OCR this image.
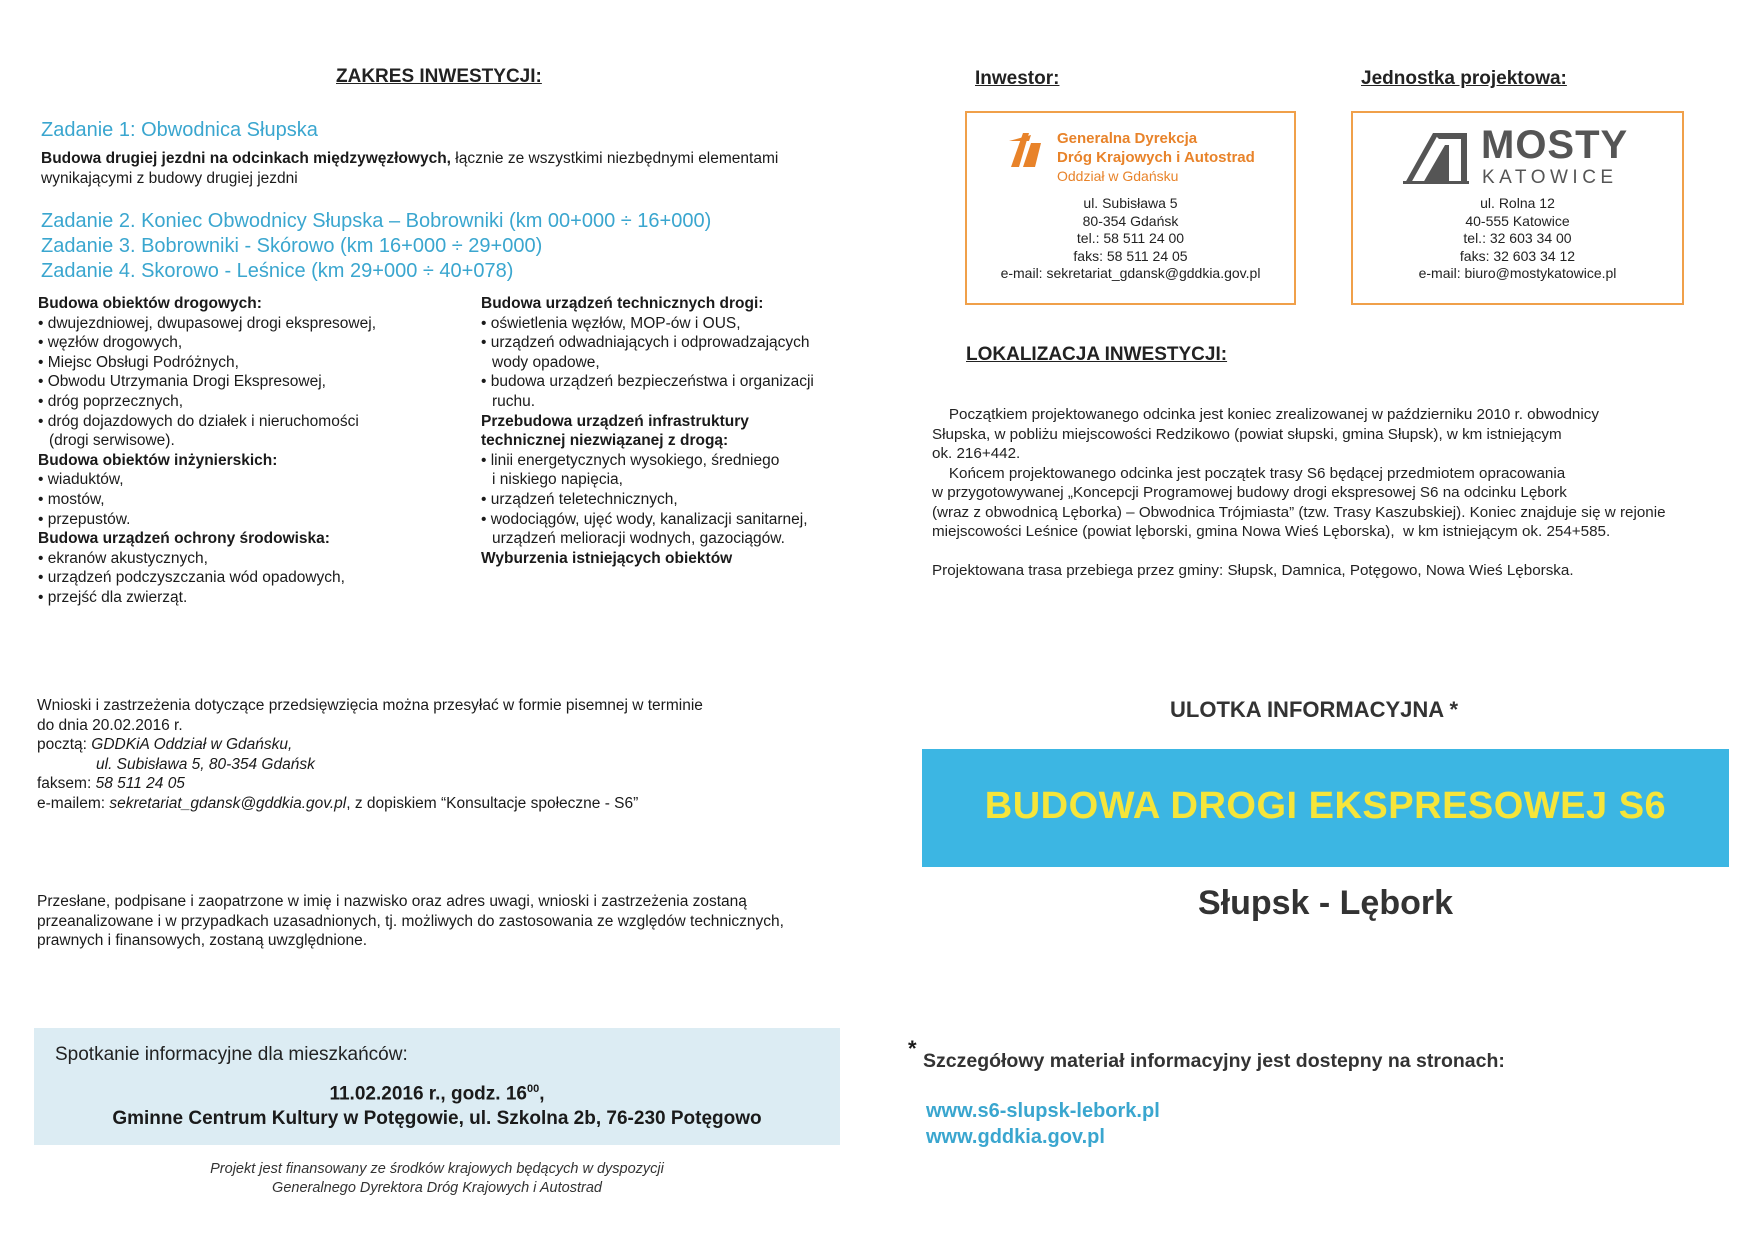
ZAKRES INWESTYCJI:
Zadanie 1: Obwodnica Słupska
Budowa drugiej jezdni na odcinkach międzywęzłowych, łącznie ze wszystkimi niezbędnymi elementami
wynikającymi z budowy drugiej jezdni
Zadanie 2. Koniec Obwodnicy Słupska – Bobrowniki (km 00+000 ÷ 16+000)
Zadanie 3. Bobrowniki - Skórowo (km 16+000 ÷ 29+000)
Zadanie 4. Skorowo - Leśnice (km 29+000 ÷ 40+078)
Budowa obiektów drogowych:
• dwujezdniowej, dwupasowej drogi ekspresowej,
• węzłów drogowych,
• Miejsc Obsługi Podróżnych,
• Obwodu Utrzymania Drogi Ekspresowej,
• dróg poprzecznych,
• dróg dojazdowych do działek i nieruchomości
(drogi serwisowe).
Budowa obiektów inżynierskich:
• wiaduktów,
• mostów,
• przepustów.
Budowa urządzeń ochrony środowiska:
• ekranów akustycznych,
• urządzeń podczyszczania wód opadowych,
• przejść dla zwierząt.
Budowa urządzeń technicznych drogi:
• oświetlenia węzłów, MOP-ów i OUS,
• urządzeń odwadniających i odprowadzających
wody opadowe,
• budowa urządzeń bezpieczeństwa i organizacji
ruchu.
Przebudowa urządzeń infrastruktury
technicznej niezwiązanej z drogą:
• linii energetycznych wysokiego, średniego
i niskiego napięcia,
• urządzeń teletechnicznych,
• wodociągów, ujęć wody, kanalizacji sanitarnej,
urządzeń melioracji wodnych, gazociągów.
Wyburzenia istniejących obiektów
Wnioski i zastrzeżenia dotyczące przedsięwzięcia można przesyłać w formie pisemnej w terminie
do dnia 20.02.2016 r.
pocztą: GDDKiA Oddział w Gdańsku,
ul. Subisława 5, 80-354 Gdańsk
faksem: 58 511 24 05
e-mailem: sekretariat_gdansk@gddkia.gov.pl, z dopiskiem “Konsultacje społeczne - S6”
Przesłane, podpisane i zaopatrzone w imię i nazwisko oraz adres uwagi, wnioski i zastrzeżenia zostaną
przeanalizowane i w przypadkach uzasadnionych, tj. możliwych do zastosowania ze względów technicznych,
prawnych i finansowych, zostaną uwzględnione.
Spotkanie informacyjne dla mieszkańców:
11.02.2016 r., godz. $16^{00}$,
Gminne Centrum Kultury w Potęgowie, ul. Szkolna 2b, 76-230 Potęgowo
Projekt jest finansowany ze środków krajowych będących w dyspozycji
Generalnego Dyrektora Dróg Krajowych i Autostrad
Inwestor:	Jednostka projektowa:
Generalna Dyrekcja
Dróg Krajowych i Autostrad
Oddział w Gdańsku
ul. Subisława 5
80-354 Gdańsk
tel.: 58 511 24 00
faks: 58 511 24 05
e-mail: sekretariat_gdansk@gddkia.gov.pl
MOSTY
KATOWICE
ul. Rolna 12
40-555 Katowice
tel.: 32 603 34 00
faks: 32 603 34 12
e-mail: biuro@mostykatowice.pl
LOKALIZACJA INWESTYCJI:
Początkiem projektowanego odcinka jest koniec zrealizowanej w październiku 2010 r. obwodnicy
Słupska, w pobliżu miejscowości Redzikowo (powiat słupski, gmina Słupsk), w km istniejącym
ok. 216+442.
Końcem projektowanego odcinka jest początek trasy S6 będącej przedmiotem opracowania
w przygotowywanej „Koncepcji Programowej budowy drogi ekspresowej S6 na odcinku Lębork
(wraz z obwodnicą Lęborka) – Obwodnica Trójmiasta” (tzw. Trasy Kaszubskiej). Koniec znajduje się w rejonie
miejscowości Leśnice (powiat lęborski, gmina Nowa Wieś Lęborska),  w km istniejącym ok. 254+585.
Projektowana trasa przebiega przez gminy: Słupsk, Damnica, Potęgowo, Nowa Wieś Lęborska.
ULOTKA INFORMACYJNA *
BUDOWA DROGI EKSPRESOWEJ S6
Słupsk - Lębork
* Szczegółowy materiał informacyjny jest dostepny na stronach:
www.s6-slupsk-lebork.pl
www.gddkia.gov.pl
